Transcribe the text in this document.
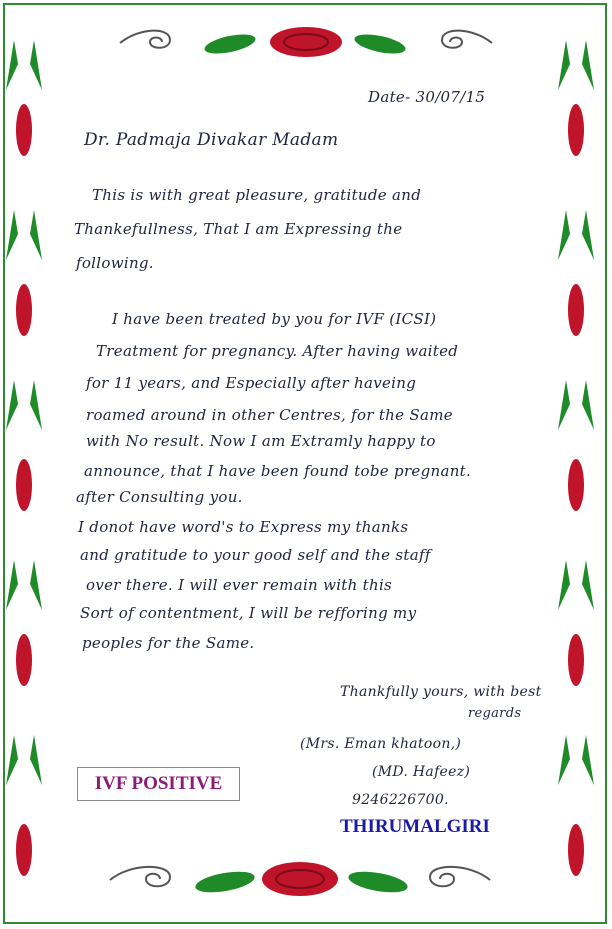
Date- 30/07/15
Dr. Padmaja Divakar Madam
This is with great pleasure, gratitude and
Thankefullness, That I am Expressing the
following.
I have been treated by you for IVF (ICSI)
Treatment for pregnancy. After having waited
for 11 years, and Especially after haveing
roamed around in other Centres, for the Same
with No result. Now I am Extramly happy to
announce, that I have been found tobe pregnant.
after Consulting you.
I donot have word's to Express my thanks
and gratitude to your good self and the staff
over there. I will ever remain with this
Sort of contentment, I will be refforing my
peoples for the Same.
Thankfully yours, with best
regards
(Mrs. Eman khatoon,)
(MD. Hafeez)
9246226700.
IVF POSITIVE
THIRUMALGIRI
